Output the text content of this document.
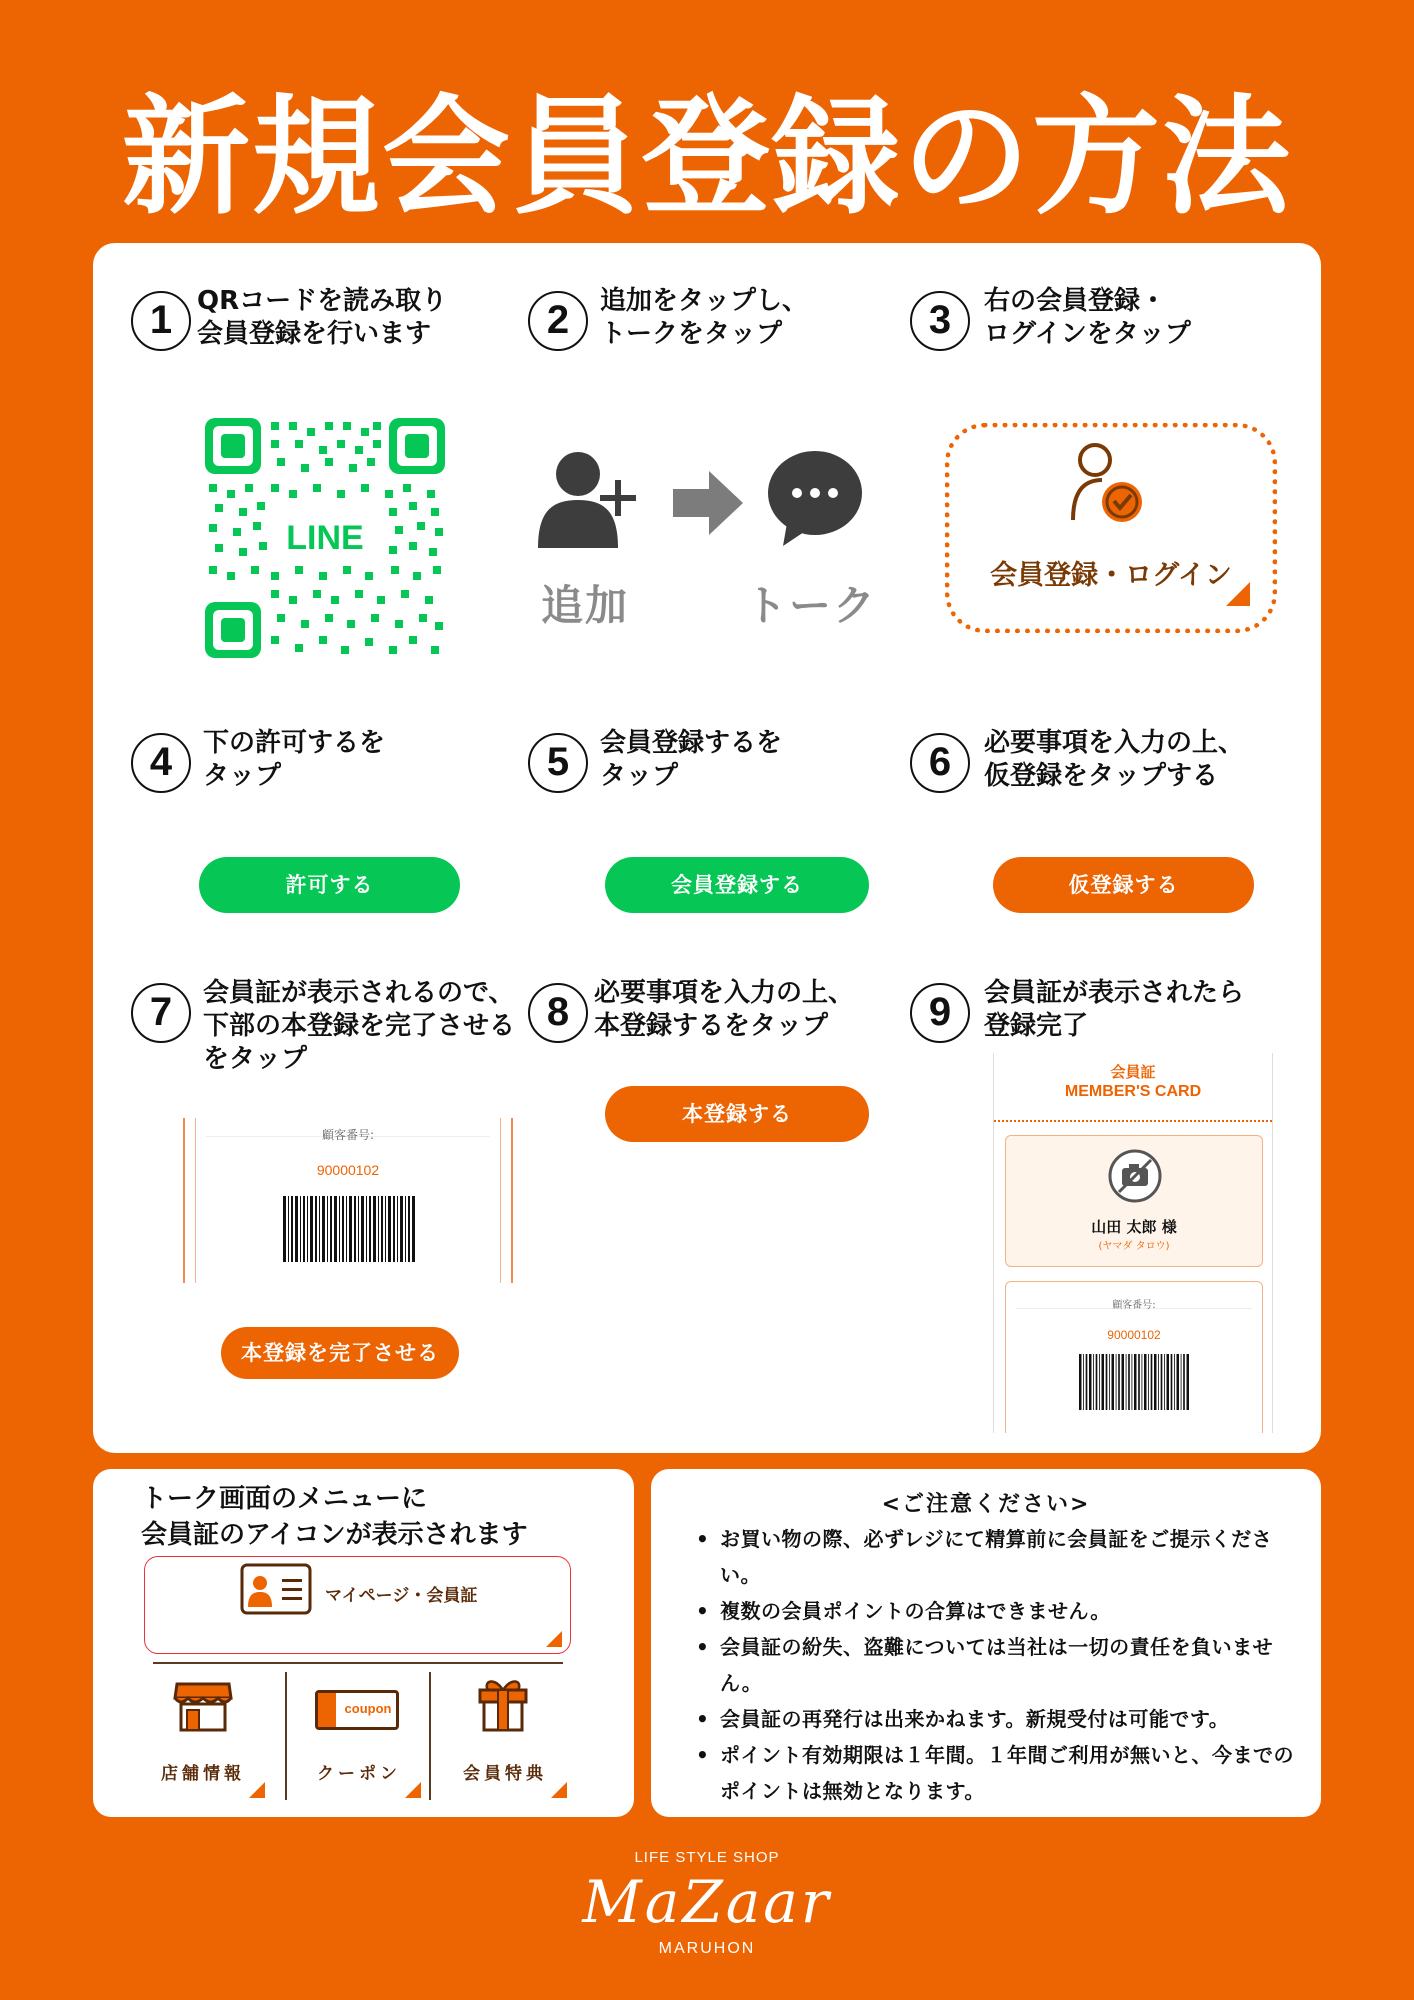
新規会員登録の方法
1 QRコードを読み取り
会員登録を行います	2	追加をタップし、
トークをタップ	3	右の会員登録・
ログインをタップ
LINE
追加	トーク
会員登録・ログイン
4	下の許可するを
タップ	5	会員登録するを
タップ	6	必要事項を入力の上、
仮登録をタップする
許可する	会員登録する	仮登録する
7	会員証が表示されるので、
下部の本登録を完了させる
をタップ
8 必要事項を入力の上、
本登録するをタップ	9	会員証が表示されたら
登録完了
顧客番号:
90000102
本登録を完了させる
本登録する
会員証
MEMBER'S CARD
山田 太郎 様
(ヤマダ タロウ)
顧客番号:
90000102
トーク画面のメニューに
会員証のアイコンが表示されます
マイページ・会員証
店舗情報
coupon
クーポン	会員特典
<ご注意ください>
• お買い物の際、必ずレジにて精算前に会員証をご提示ください。
• 複数の会員ポイントの合算はできません。
• 会員証の紛失、盗難については当社は一切の責任を負いません。
• 会員証の再発行は出来かねます。新規受付は可能です。
• ポイント有効期限は１年間。１年間ご利用が無いと、今までのポイントは無効となります。
LIFE STYLE SHOP
MaZaar
MARUHON
